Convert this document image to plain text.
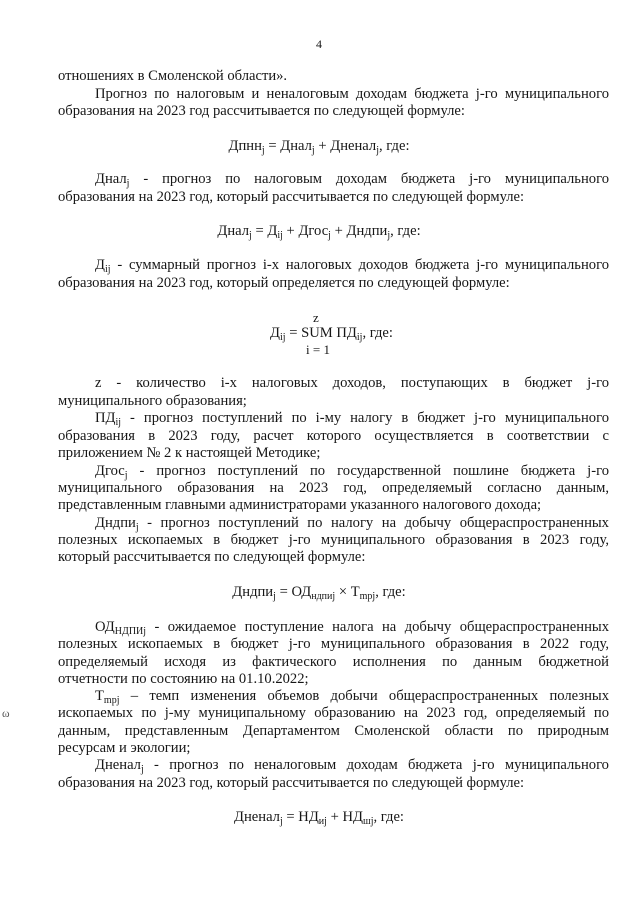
4
отношениях в Смоленской области».
Прогноз по налоговым и неналоговым доходам бюджета j-го муниципального
образования на 2023 год рассчитывается по следующей формуле:
Дпнн$_j$ = Днал$_j$ + Дненал$_j$, где:
Днал$_j$ - прогноз по налоговым доходам бюджета j-го муниципального
образования на 2023 год, который рассчитывается по следующей формуле:
Днал$_j$ = $Д_{ij}$ + Дгос$_j$ + Дндпи$_j$, где:
$Д_{ij}$ - суммарный прогноз i-х налоговых доходов бюджета j-го муниципального
образования на 2023 год, который определяется по следующей формуле:
z
$Д_{ij}$ = SUM $ПД_{ij}$, где:
i = 1
z - количество i-х налоговых доходов, поступающих в бюджет j-го
муниципального образования;
$ПД_{ij}$ - прогноз поступлений по i-му налогу в бюджет j-го муниципального
образования в 2023 году, расчет которого осуществляется в соответствии с
приложением № 2 к настоящей Методике;
Дгос$_j$ - прогноз поступлений по государственной пошлине бюджета j-го
муниципального образования на 2023 год, определяемый согласно данным,
представленным главными администраторами указанного налогового дохода;
Дндпи$_j$ - прогноз поступлений по налогу на добычу общераспространенных
полезных ископаемых в бюджет j-го муниципального образования в 2023 году,
который рассчитывается по следующей формуле:
Дндпи$_j$ = $ОД_{ндпиj} \times Т_{mpj}$, где:
$ОД_{НДПИj}$ - ожидаемое поступление налога на добычу общераспространенных
полезных ископаемых в бюджет j-го муниципального образования в 2022 году,
определяемый исходя из фактического исполнения по данным бюджетной
отчетности по состоянию на 01.10.2022;
$Т_{mpj}$ – темп изменения объемов добычи общераспространенных полезных
ископаемых по j-му муниципальному образованию на 2023 год, определяемый по
данным, представленным Департаментом Смоленской области по природным
ресурсам и экологии;
Дненал$_j$ - прогноз по неналоговым доходам бюджета j-го муниципального
образования на 2023 год, который рассчитывается по следующей формуле:
Дненал$_j$ = $НД_{иj} + НД_{шj}$, где:
ω
